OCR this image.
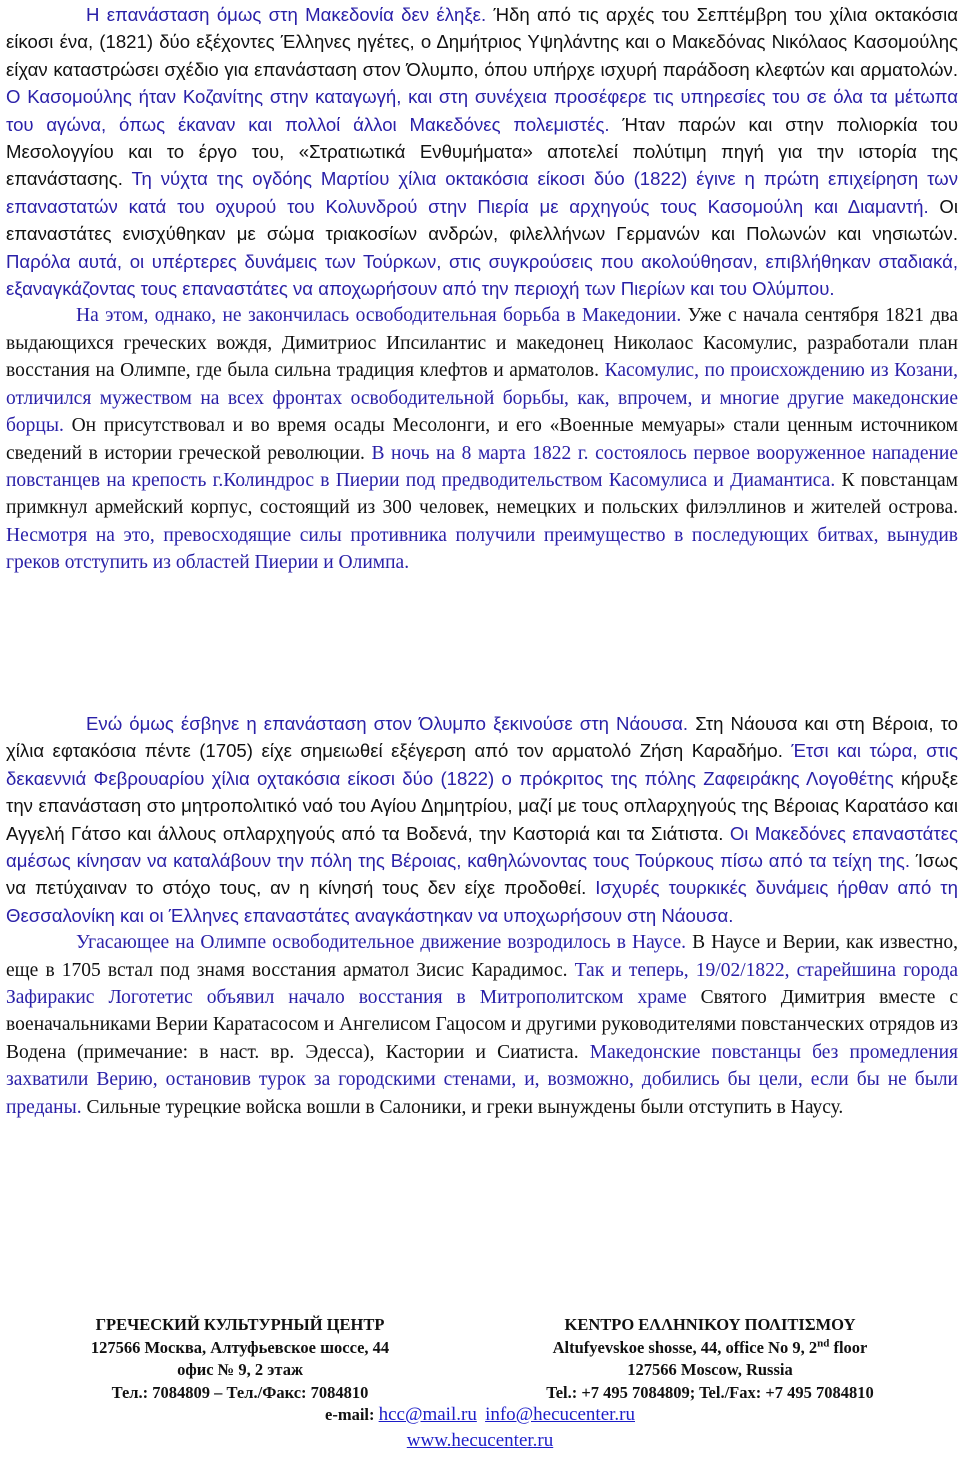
Η επανάσταση όμως στη Μακεδονία δεν έληξε. Ήδη από τις αρχές του Σεπτέμβρη του χίλια οκτακόσια είκοσι ένα, (1821) δύο εξέχοντες Έλληνες ηγέτες, ο Δημήτριος Υψηλάντης και ο Μακεδόνας Νικόλαος Κασομούλης είχαν καταστρώσει σχέδιο για επανάσταση στον Όλυμπο, όπου υπήρχε ισχυρή παράδοση κλεφτών και αρματολών. Ο Κασομούλης ήταν Κοζανίτης στην καταγωγή, και στη συνέχεια προσέφερε τις υπηρεσίες του σε όλα τα μέτωπα του αγώνα, όπως έκαναν και πολλοί άλλοι Μακεδόνες πολεμιστές. Ήταν παρών και στην πολιορκία του Μεσολογγίου και το έργο του, «Στρατιωτικά Ενθυμήματα» αποτελεί πολύτιμη πηγή για την ιστορία της επανάστασης. Τη νύχτα της ογδόης Μαρτίου χίλια οκτακόσια είκοσι δύο (1822) έγινε η πρώτη επιχείρηση των επαναστατών κατά του οχυρού του Κολυνδρού στην Πιερία με αρχηγούς τους Κασομούλη και Διαμαντή. Οι επαναστάτες ενισχύθηκαν με σώμα τριακοσίων ανδρών, φιλελλήνων Γερμανών και Πολωνών και νησιωτών. Παρόλα αυτά, οι υπέρτερες δυνάμεις των Τούρκων, στις συγκρούσεις που ακολούθησαν, επιβλήθηκαν σταδιακά, εξαναγκάζοντας τους επαναστάτες να αποχωρήσουν από την περιοχή των Πιερίων και του Ολύμπου.

На этом, однако, не закончилась освободительная борьба в Македонии. Уже с начала сентября 1821 два выдающихся греческих вождя, Димитриос Ипсилантис и македонец Николаос Касомулис, разработали план восстания на Олимпе, где была сильна традиция клефтов и арматолов. Касомулис, по происхождению из Козани, отличился мужеством на всех фронтах освободительной борьбы, как, впрочем, и многие другие македонские борцы. Он присутствовал и во время осады Месолонги, и его «Военные мемуары» стали ценным источником сведений в истории греческой революции. В ночь на 8 марта 1822 г. состоялось первое вооруженное нападение повстанцев на крепость г.Колиндрос в Пиерии под предводительством Касомулиса и Диамантиса. К повстанцам примкнул армейский корпус, состоящий из 300 человек, немецких и польских филэллинов и жителей острова. Несмотря на это, превосходящие силы противника получили преимущество в последующих битвах, вынудив греков отступить из областей Пиерии и Олимпа.

Ενώ όμως έσβηνε η επανάσταση στον Όλυμπο ξεκινούσε στη Νάουσα. Στη Νάουσα και στη Βέροια, το χίλια εφτακόσια πέντε (1705) είχε σημειωθεί εξέγερση από τον αρματολό Ζήση Καραδήμο. Έτσι και τώρα, στις δεκαεννιά Φεβρουαρίου χίλια οχτακόσια είκοσι δύο (1822) ο πρόκριτος της πόλης Ζαφειράκης Λογοθέτης κήρυξε την επανάσταση στο μητροπολιτικό ναό του Αγίου Δημητρίου, μαζί με τους οπλαρχηγούς της Βέροιας Καρατάσο και Αγγελή Γάτσο και άλλους οπλαρχηγούς από τα Βοδενά, την Καστοριά και τα Σιάτιστα. Οι Μακεδόνες επαναστάτες αμέσως κίνησαν να καταλάβουν την πόλη της Βέροιας, καθηλώνοντας τους Τούρκους πίσω από τα τείχη της. Ίσως να πετύχαιναν το στόχο τους, αν η κίνησή τους δεν είχε προδοθεί. Ισχυρές τουρκικές δυνάμεις ήρθαν από τη Θεσσαλονίκη και οι Έλληνες επαναστάτες αναγκάστηκαν να υποχωρήσουν στη Νάουσα.

Угасающее на Олимпе освободительное движение возродилось в Наусе. В Наусе и Верии, как известно, еще в 1705 встал под знамя восстания арматол Зисис Карадимос. Так и теперь, 19/02/1822, старейшина города Зафиракис Логотетис объявил начало восстания в Митрополитском храме Святого Димитрия вместе с военачальниками Верии Каратасосом и Ангелисом Гацосом и другими руководителями повстанческих отрядов из Водена (примечание: в наст. вр. Эдесса), Кастории и Сиатиста. Македонские повстанцы без промедления захватили Верию, остановив турок за городскими стенами, и, возможно, добились бы цели, если бы не были преданы. Сильные турецкие войска вошли в Салоники, и греки вынуждены были отступить в Наусу.

ГРЕЧЕСКИЙ КУЛЬТУРНЫЙ ЦЕНТР
127566 Москва, Алтуфьевское шоссе, 44
офис № 9, 2 этаж
Тел.: 7084809 – Тел./Факс: 7084810
ΚΕΝΤΡΟ ΕΛΛΗΝΙΚΟΥ ΠΟΛΙΤΙΣΜΟΥ
Altufyevskoe shosse, 44, office No 9, 2nd floor
127566 Moscow, Russia
Tel.: +7 495 7084809; Tel./Fax: +7 495 7084810
e-mail: hcc@mail.ru info@hecucenter.ru
www.hecucenter.ru
